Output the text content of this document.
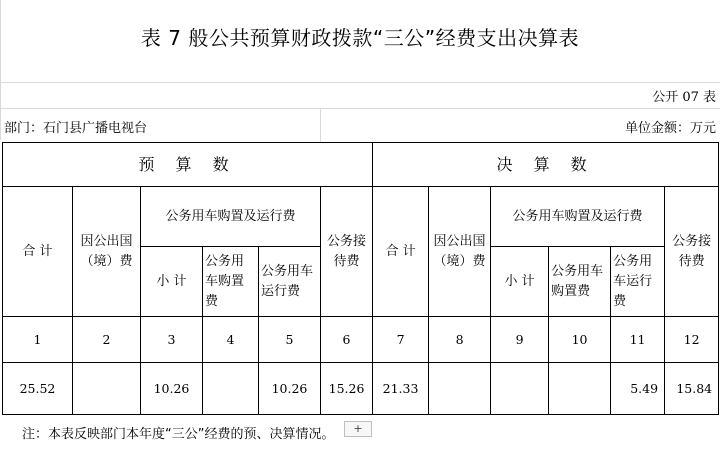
表 7 般公共预算财政拨款“三公”经费支出决算表
公开 07 表
部门：石门县广播电视台	单位金额：万元
预 算 数						决 算 数					
合 计	因公出国（境）费	公务用车购置及运行费			公务接待费	合 计	因公出国（境）费	公务用车购置及运行费			公务接待费
		小 计	公务用车购置费	公务用车运行费				小 计	公务用车购置费	公务用车运行费	
1	2	3	4	5	6	7	8	9	10	11	12
25.52		10.26		10.26	15.26	21.33				5.49	15.84
注：本表反映部门本年度“三公”经费的预、决算情况。	+
